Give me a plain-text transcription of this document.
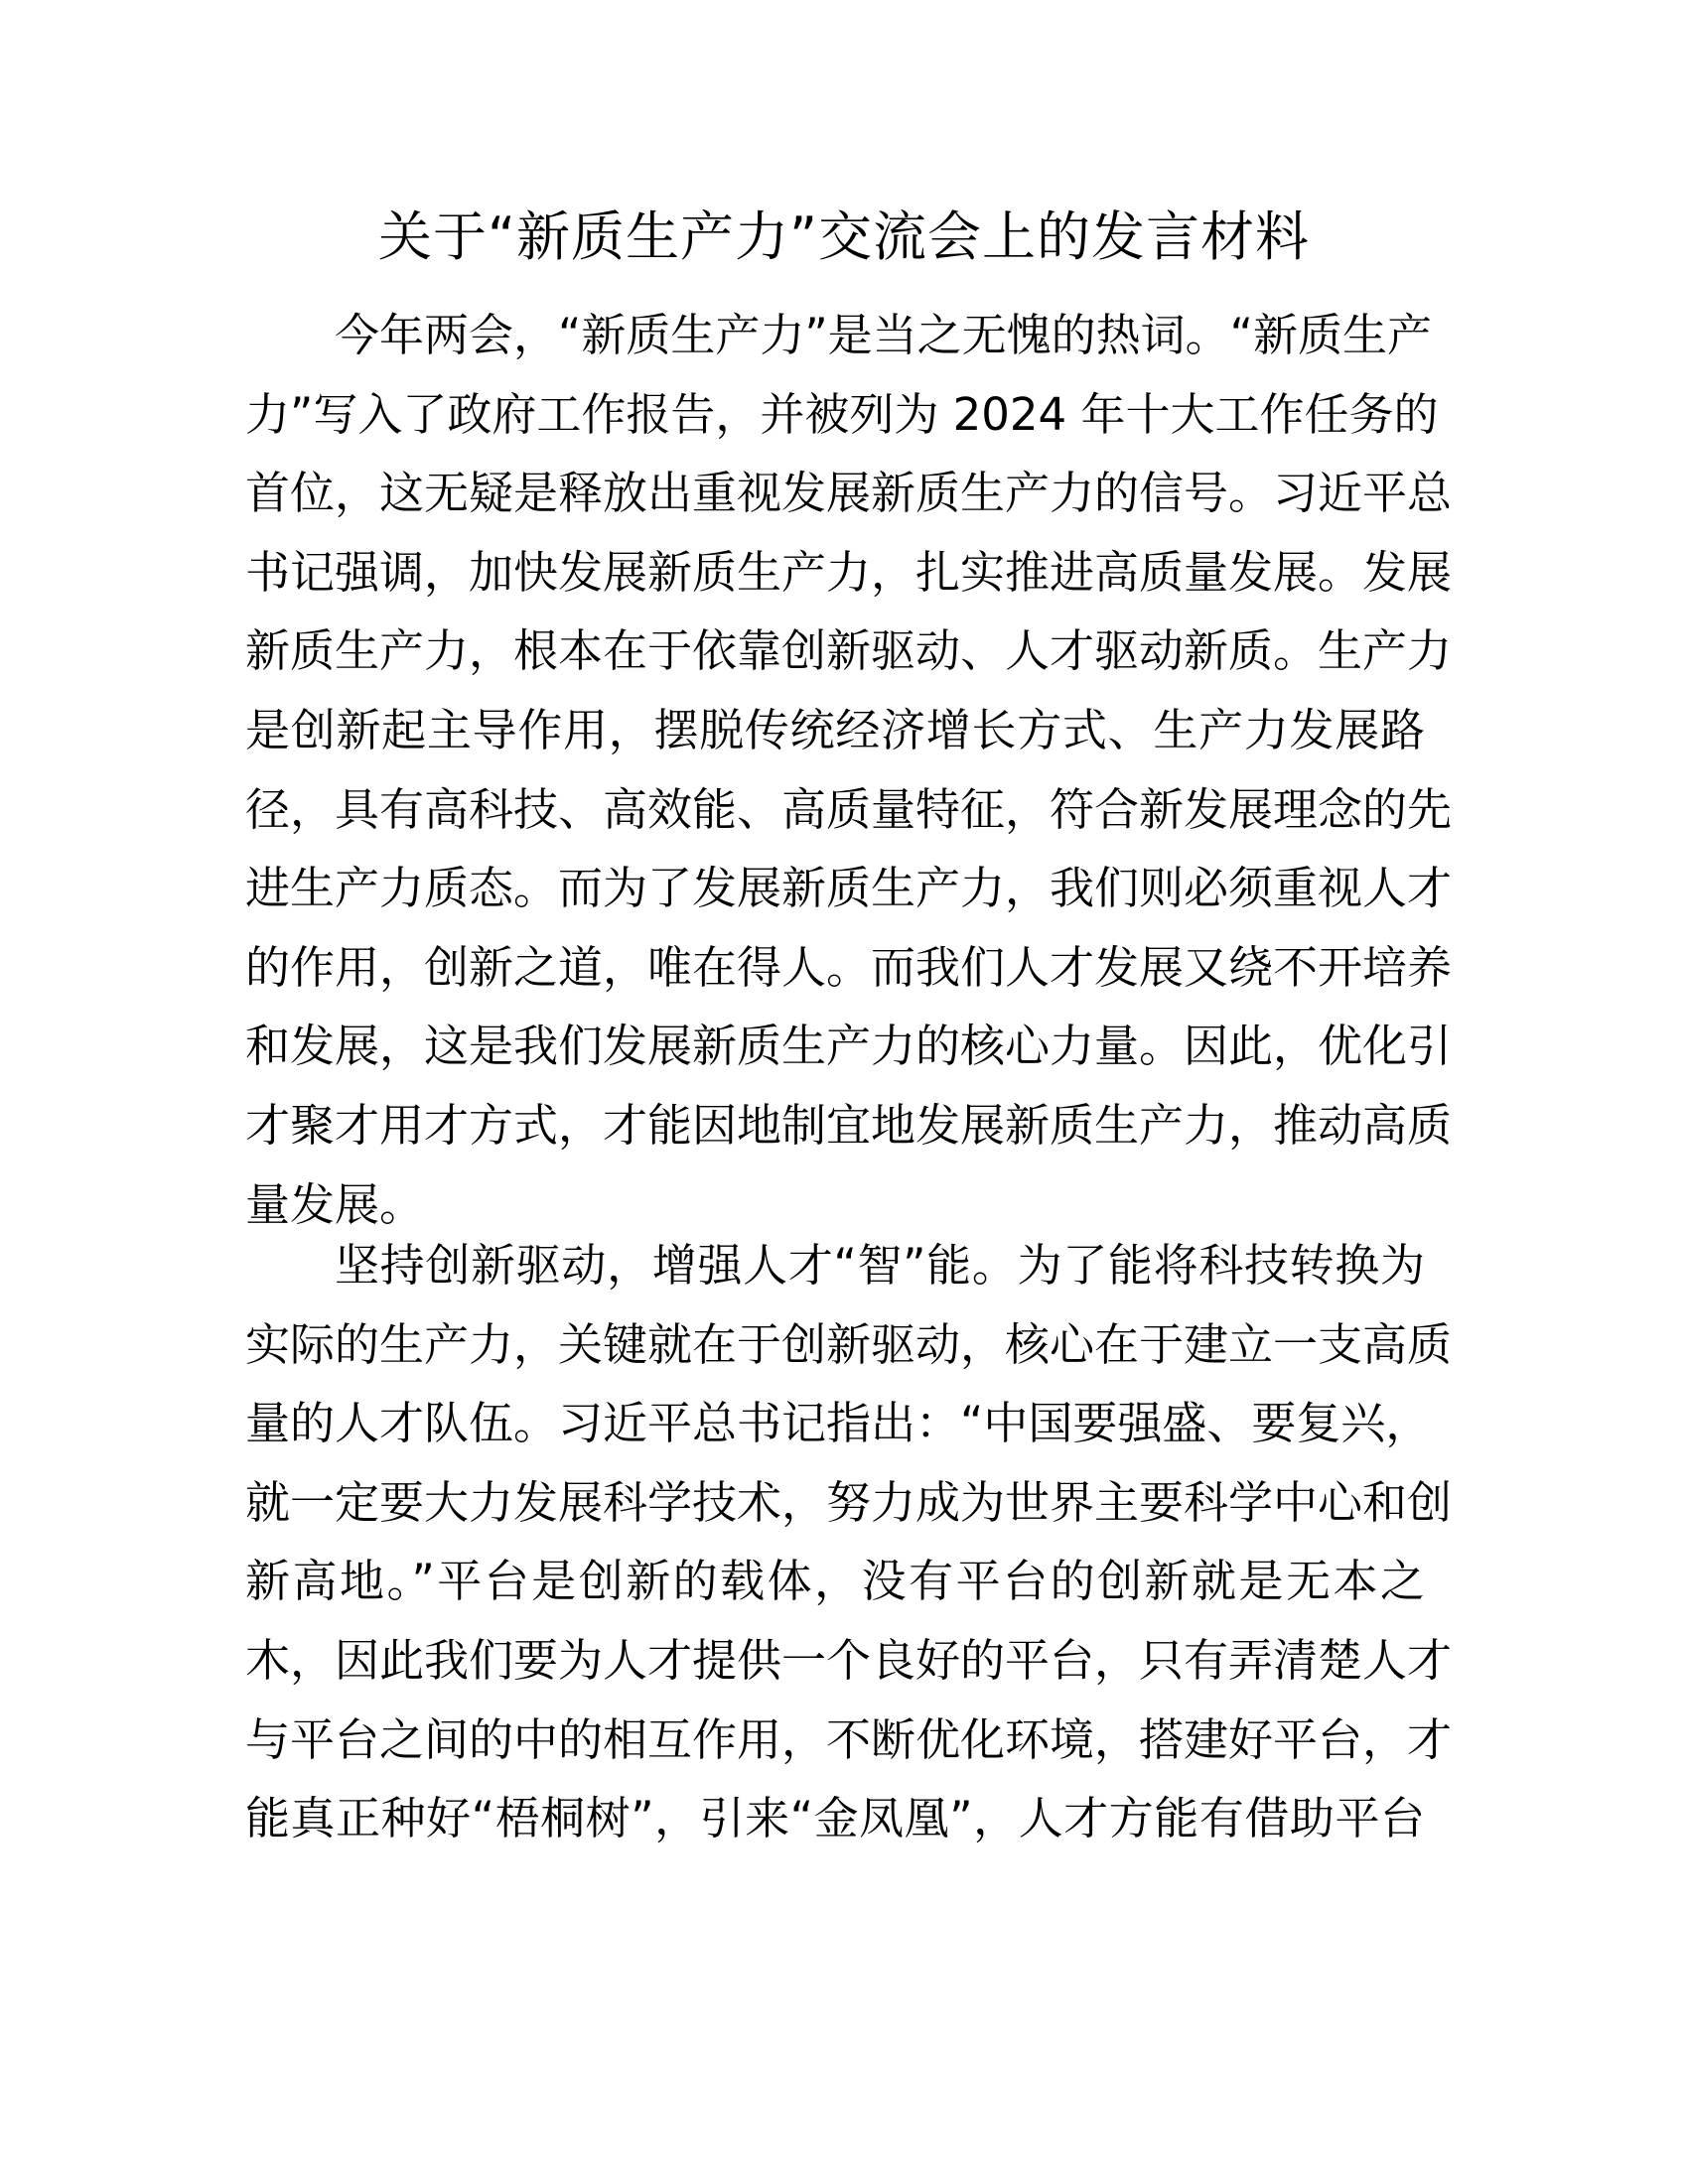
关于“新质生产力”交流会上的发言材料
今年两会，“新质生产力”是当之无愧的热词。“新质生产
力”写入了政府工作报告，并被列为 2024 年十大工作任务的
首位，这无疑是释放出重视发展新质生产力的信号。习近平总
书记强调，加快发展新质生产力，扎实推进高质量发展。发展
新质生产力，根本在于依靠创新驱动、人才驱动新质。生产力
是创新起主导作用，摆脱传统经济增长方式、生产力发展路
径，具有高科技、高效能、高质量特征，符合新发展理念的先
进生产力质态。而为了发展新质生产力，我们则必须重视人才
的作用，创新之道，唯在得人。而我们人才发展又绕不开培养
和发展，这是我们发展新质生产力的核心力量。因此，优化引
才聚才用才方式，才能因地制宜地发展新质生产力，推动高质
量发展。
坚持创新驱动，增强人才“智”能。为了能将科技转换为
实际的生产力，关键就在于创新驱动，核心在于建立一支高质
量的人才队伍。习近平总书记指出：“中国要强盛、要复兴，
就一定要大力发展科学技术，努力成为世界主要科学中心和创
新高地。”平台是创新的载体，没有平台的创新就是无本之
木，因此我们要为人才提供一个良好的平台，只有弄清楚人才
与平台之间的中的相互作用，不断优化环境，搭建好平台，才
能真正种好“梧桐树”，引来“金凤凰”，人才方能有借助平台
